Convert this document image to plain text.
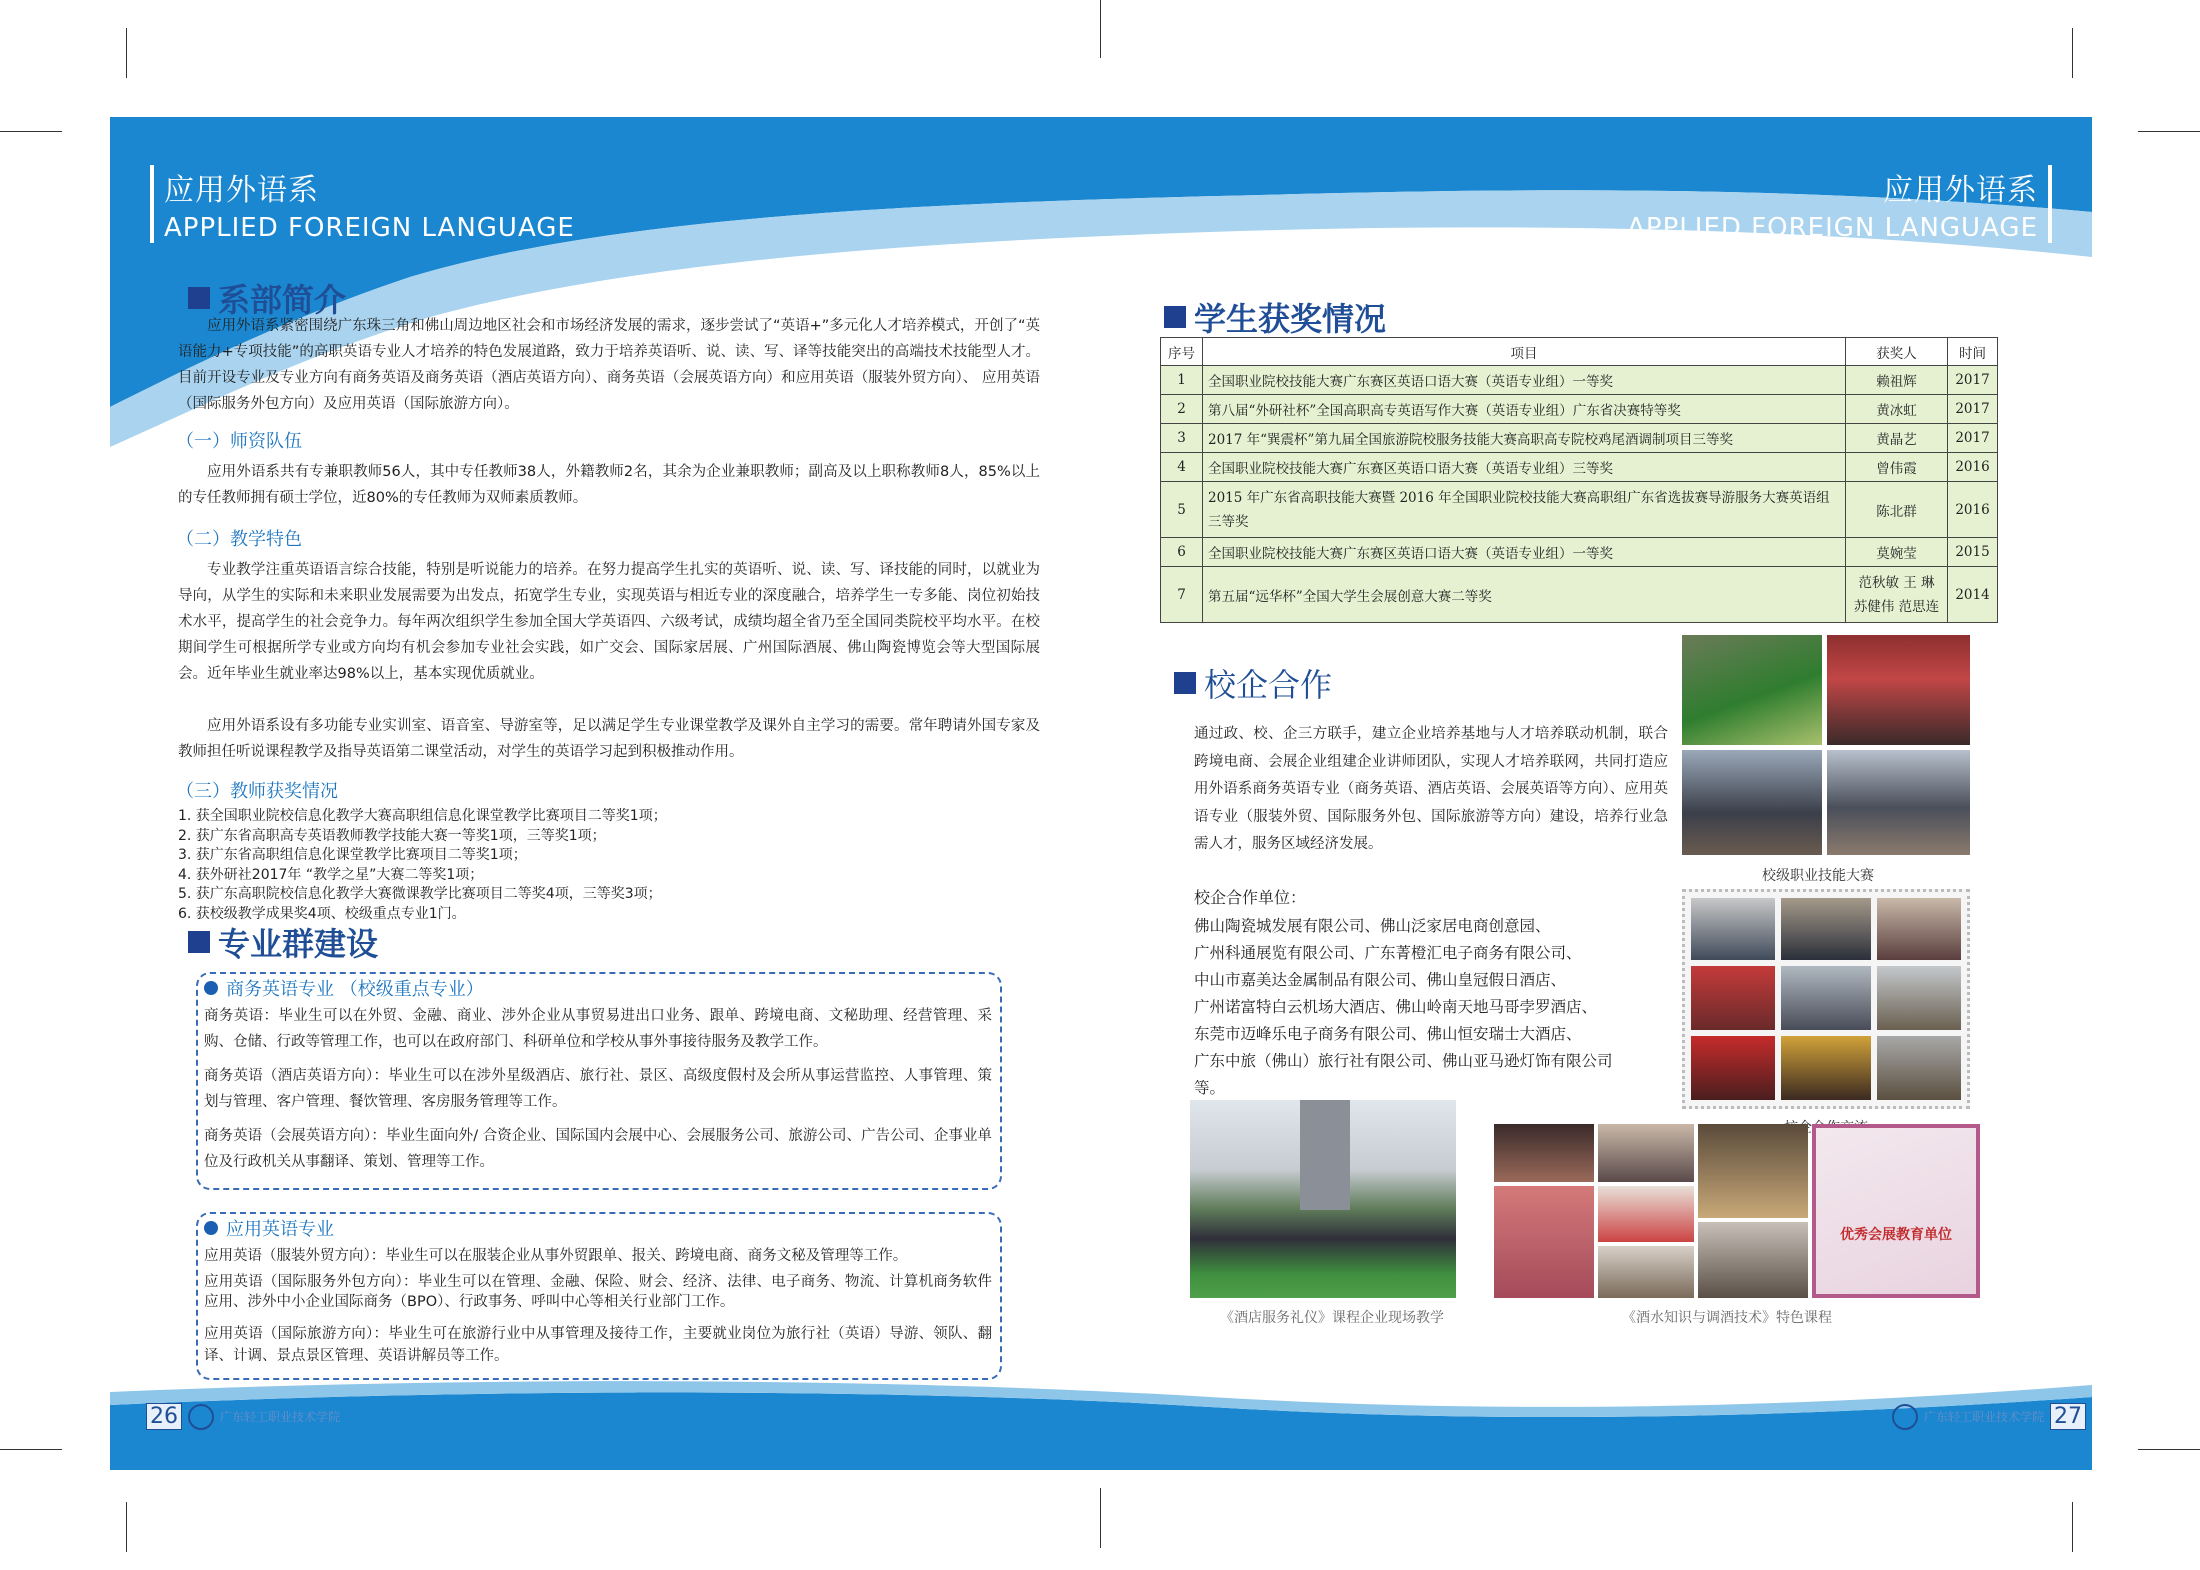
应用外语系
APPLIED FOREIGN LANGUAGE
应用外语系
APPLIED FOREIGN LANGUAGE
系部简介
应用外语系紧密围绕广东珠三角和佛山周边地区社会和市场经济发展的需求，逐步尝试了“英语+”多元化人才培养模式，开创了“英语能力+专项技能”的高职英语专业人才培养的特色发展道路，致力于培养英语听、说、读、写、译等技能突出的高端技术技能型人才。目前开设专业及专业方向有商务英语及商务英语（酒店英语方向）、商务英语（会展英语方向）和应用英语（服装外贸方向）、 应用英语（国际服务外包方向）及应用英语（国际旅游方向）。
（一）师资队伍
应用外语系共有专兼职教师56人，其中专任教师38人，外籍教师2名，其余为企业兼职教师；副高及以上职称教师8人，85%以上的专任教师拥有硕士学位，近80%的专任教师为双师素质教师。
（二）教学特色
专业教学注重英语语言综合技能，特别是听说能力的培养。在努力提高学生扎实的英语听、说、读、写、译技能的同时，以就业为导向，从学生的实际和未来职业发展需要为出发点，拓宽学生专业，实现英语与相近专业的深度融合，培养学生一专多能、岗位初始技术水平，提高学生的社会竞争力。每年两次组织学生参加全国大学英语四、六级考试，成绩均超全省乃至全国同类院校平均水平。在校期间学生可根据所学专业或方向均有机会参加专业社会实践，如广交会、国际家居展、广州国际酒展、佛山陶瓷博览会等大型国际展会。近年毕业生就业率达98%以上，基本实现优质就业。
应用外语系设有多功能专业实训室、语音室、导游室等，足以满足学生专业课堂教学及课外自主学习的需要。常年聘请外国专家及教师担任听说课程教学及指导英语第二课堂活动，对学生的英语学习起到积极推动作用。
（三）教师获奖情况
1. 获全国职业院校信息化教学大赛高职组信息化课堂教学比赛项目二等奖1项；
2. 获广东省高职高专英语教师教学技能大赛一等奖1项，三等奖1项；
3. 获广东省高职组信息化课堂教学比赛项目二等奖1项；
4. 获外研社2017年 “教学之星”大赛二等奖1项；
5. 获广东高职院校信息化教学大赛微课教学比赛项目二等奖4项，三等奖3项；
6. 获校级教学成果奖4项、校级重点专业1门。
专业群建设
商务英语专业 （校级重点专业）
商务英语：毕业生可以在外贸、金融、商业、涉外企业从事贸易进出口业务、跟单、跨境电商、文秘助理、经营管理、采购、仓储、行政等管理工作，也可以在政府部门、科研单位和学校从事外事接待服务及教学工作。
商务英语（酒店英语方向）：毕业生可以在涉外星级酒店、旅行社、景区、高级度假村及会所从事运营监控、人事管理、策划与管理、客户管理、餐饮管理、客房服务管理等工作。
商务英语（会展英语方向）：毕业生面向外/ 合资企业、国际国内会展中心、会展服务公司、旅游公司、广告公司、企事业单位及行政机关从事翻译、策划、管理等工作。
应用英语专业
应用英语（服装外贸方向）：毕业生可以在服装企业从事外贸跟单、报关、跨境电商、商务文秘及管理等工作。
应用英语（国际服务外包方向）：毕业生可以在管理、金融、保险、财会、经济、法律、电子商务、物流、计算机商务软件应用、涉外中小企业国际商务（BPO）、行政事务、呼叫中心等相关行业部门工作。
应用英语（国际旅游方向）：毕业生可在旅游行业中从事管理及接待工作，主要就业岗位为旅行社（英语）导游、领队、翻译、计调、景点景区管理、英语讲解员等工作。
26	广东轻工职业技术学院
学生获奖情况
序号	项目	获奖人	时间
1	全国职业院校技能大赛广东赛区英语口语大赛（英语专业组）一等奖	赖祖辉	2017
2	第八届“外研社杯”全国高职高专英语写作大赛（英语专业组）广东省决赛特等奖	黄冰虹	2017
3	2017 年“巽震杯”第九届全国旅游院校服务技能大赛高职高专院校鸡尾酒调制项目三等奖	黄晶艺	2017
4	全国职业院校技能大赛广东赛区英语口语大赛（英语专业组）三等奖	曾伟霞	2016
5	2015 年广东省高职技能大赛暨 2016 年全国职业院校技能大赛高职组广东省选拔赛导游服务大赛英语组三等奖	陈北群	2016
6	全国职业院校技能大赛广东赛区英语口语大赛（英语专业组）一等奖	莫婉莹	2015
7	第五届“远华杯”全国大学生会展创意大赛二等奖	范秋敏 王 琳 苏健伟 范思连	2014
校企合作
通过政、校、企三方联手，建立企业培养基地与人才培养联动机制，联合跨境电商、会展企业组建企业讲师团队，实现人才培养联网，共同打造应用外语系商务英语专业（商务英语、酒店英语、会展英语等方向）、应用英语专业（服装外贸、国际服务外包、国际旅游等方向）建设，培养行业急需人才，服务区域经济发展。
校企合作单位：
佛山陶瓷城发展有限公司、佛山泛家居电商创意园、
广州科通展览有限公司、广东菁橙汇电子商务有限公司、
中山市嘉美达金属制品有限公司、佛山皇冠假日酒店、
广州诺富特白云机场大酒店、佛山岭南天地马哥孛罗酒店、
东莞市迈峰乐电子商务有限公司、佛山恒安瑞士大酒店、
广东中旅（佛山）旅行社有限公司、佛山亚马逊灯饰有限公司
等。
校级职业技能大赛
《酒店服务礼仪》课程企业现场教学
优秀会展教育单位
《酒水知识与调酒技术》特色课程
广东轻工职业技术学院 27
